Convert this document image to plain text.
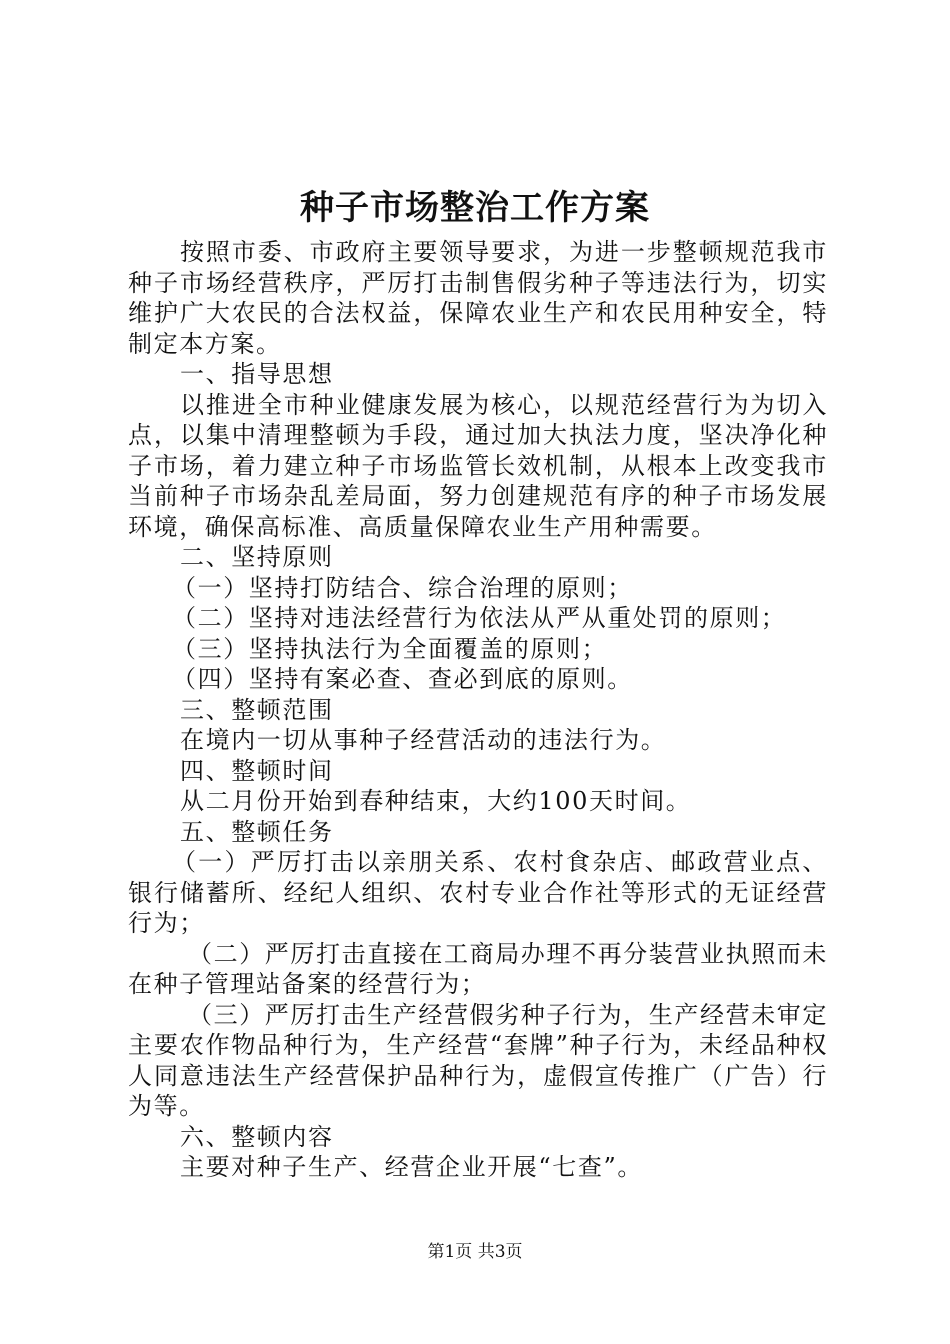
种子市场整治工作方案

按照市委、市政府主要领导要求，为进一步整顿规范我市种子市场经营秩序，严厉打击制售假劣种子等违法行为，切实维护广大农民的合法权益，保障农业生产和农民用种安全，特制定本方案。

一、指导思想

以推进全市种业健康发展为核心，以规范经营行为为切入点，以集中清理整顿为手段，通过加大执法力度，坚决净化种子市场，着力建立种子市场监管长效机制，从根本上改变我市当前种子市场杂乱差局面，努力创建规范有序的种子市场发展环境，确保高标准、高质量保障农业生产用种需要。

二、坚持原则

（一）坚持打防结合、综合治理的原则；

（二）坚持对违法经营行为依法从严从重处罚的原则；

（三）坚持执法行为全面覆盖的原则；

（四）坚持有案必查、查必到底的原则。

三、整顿范围

在境内一切从事种子经营活动的违法行为。

四、整顿时间

从二月份开始到春种结束，大约100天时间。

五、整顿任务

（一）严厉打击以亲朋关系、农村食杂店、邮政营业点、银行储蓄所、经纪人组织、农村专业合作社等形式的无证经营行为；

（二）严厉打击直接在工商局办理不再分装营业执照而未在种子管理站备案的经营行为；

（三）严厉打击生产经营假劣种子行为，生产经营未审定主要农作物品种行为，生产经营“套牌”种子行为，未经品种权人同意违法生产经营保护品种行为，虚假宣传推广（广告）行为等。

六、整顿内容

主要对种子生产、经营企业开展“七查”。

第1页 共3页
